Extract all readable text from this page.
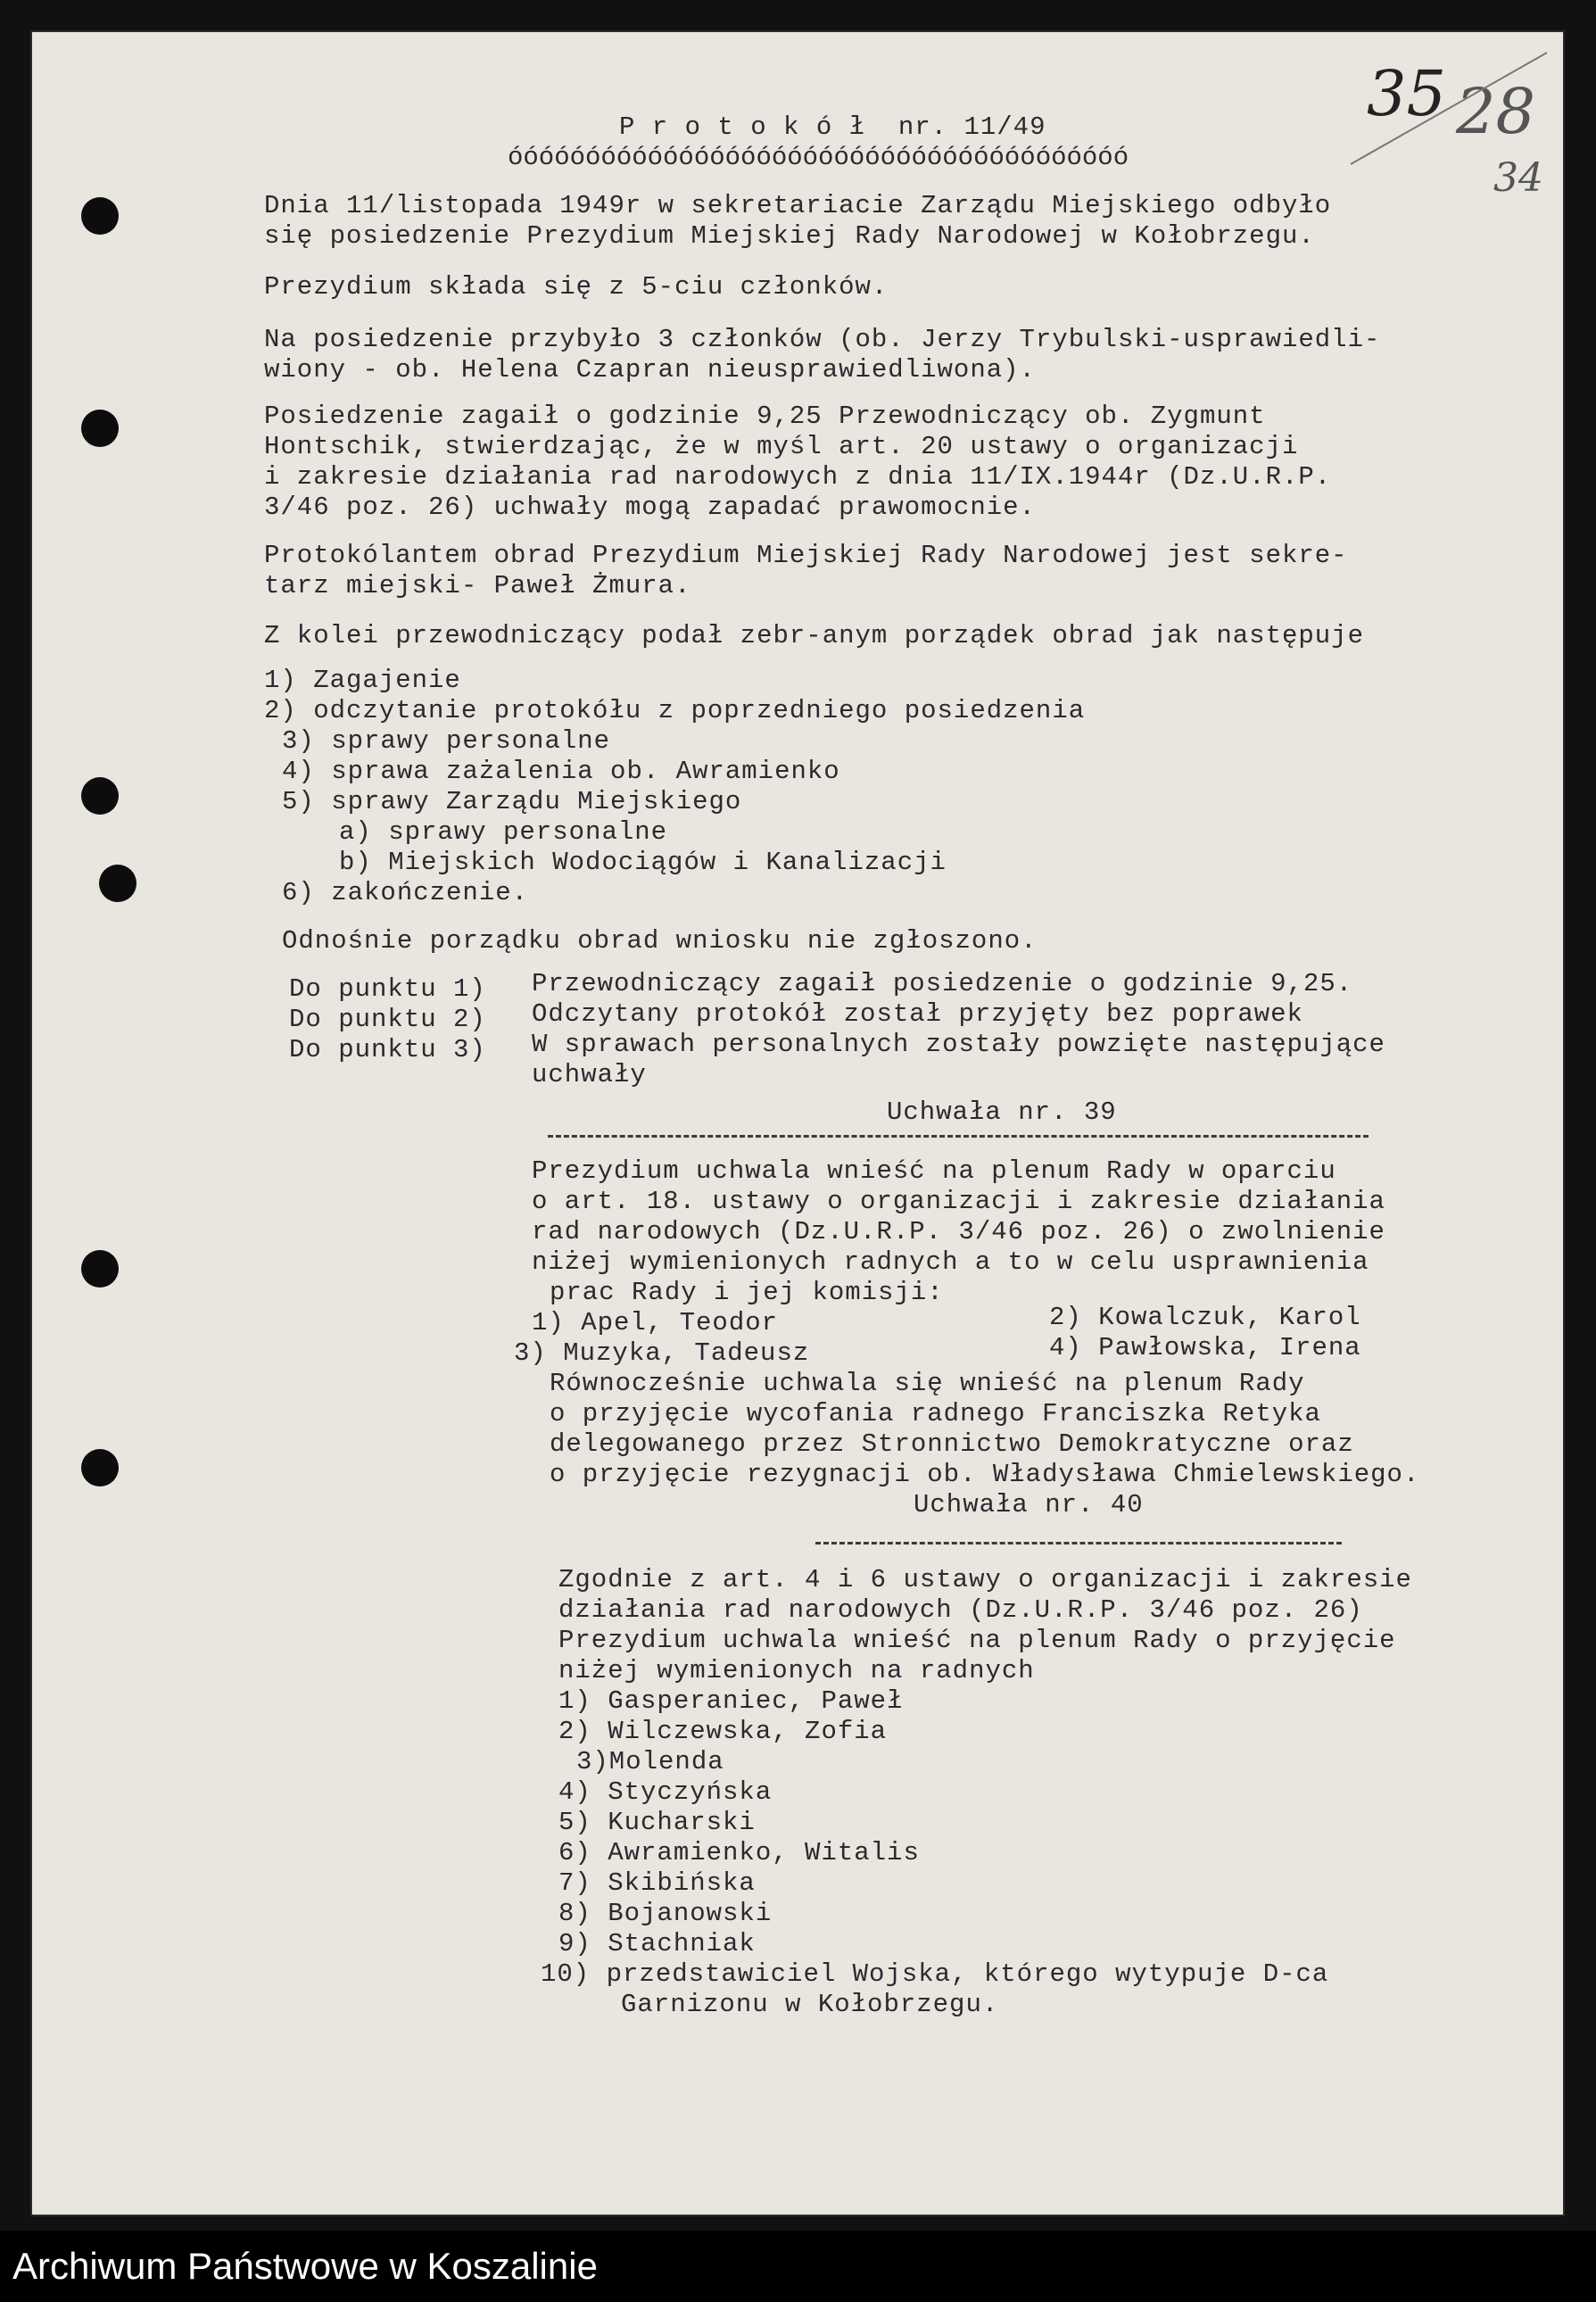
35 28
34
P r o t o k ó ł  nr. 11/49
óóóóóóóóóóóóóóóóóóóóóóóóóóóóóóóóóóóóóóóó
Dnia 11/listopada 1949r w sekretariacie Zarządu Miejskiego odbyło
się posiedzenie Prezydium Miejskiej Rady Narodowej w Kołobrzegu.
Prezydium składa się z 5-ciu członków.
Na posiedzenie przybyło 3 członków (ob. Jerzy Trybulski-usprawiedli-
wiony - ob. Helena Czapran nieusprawiedliwona).
Posiedzenie zagaił o godzinie 9,25 Przewodniczący ob. Zygmunt
Hontschik, stwierdzając, że w myśl art. 20 ustawy o organizacji
i zakresie działania rad narodowych z dnia 11/IX.1944r (Dz.U.R.P.
3/46 poz. 26) uchwały mogą zapadać prawomocnie.
Protokólantem obrad Prezydium Miejskiej Rady Narodowej jest sekre-
tarz miejski- Paweł Żmura.
Z kolei przewodniczący podał zebr-anym porządek obrad jak następuje
1) Zagajenie
2) odczytanie protokółu z poprzedniego posiedzenia
3) sprawy personalne
4) sprawa zażalenia ob. Awramienko
5) sprawy Zarządu Miejskiego
a) sprawy personalne
b) Miejskich Wodociągów i Kanalizacji
6) zakończenie.
Odnośnie porządku obrad wniosku nie zgłoszono.
Do punktu 1) Przewodniczący zagaił posiedzenie o godzinie 9,25.
Do punktu 2) Odczytany protokół został przyjęty bez poprawek
Do punktu 3) W sprawach personalnych zostały powzięte następujące
uchwały
Uchwała nr. 39
Prezydium uchwala wnieść na plenum Rady w oparciu
o art. 18. ustawy o organizacji i zakresie działania
rad narodowych (Dz.U.R.P. 3/46 poz. 26) o zwolnienie
niżej wymienionych radnych a to w celu usprawnienia
prac Rady i jej komisji:
1) Apel, Teodor	2) Kowalczuk, Karol
3) Muzyka, Tadeusz	4) Pawłowska, Irena
Równocześnie uchwala się wnieść na plenum Rady
o przyjęcie wycofania radnego Franciszka Retyka
delegowanego przez Stronnictwo Demokratyczne oraz
o przyjęcie rezygnacji ob. Władysława Chmielewskiego.
Uchwała nr. 40
Zgodnie z art. 4 i 6 ustawy o organizacji i zakresie
działania rad narodowych (Dz.U.R.P. 3/46 poz. 26)
Prezydium uchwala wnieść na plenum Rady o przyjęcie
niżej wymienionych na radnych
1) Gasperaniec, Paweł
2) Wilczewska, Zofia
3)Molenda
4) Styczyńska
5) Kucharski
6) Awramienko, Witalis
7) Skibińska
8) Bojanowski
9) Stachniak
10) przedstawiciel Wojska, którego wytypuje D-ca
Garnizonu w Kołobrzegu.
Archiwum Państwowe w Koszalinie
